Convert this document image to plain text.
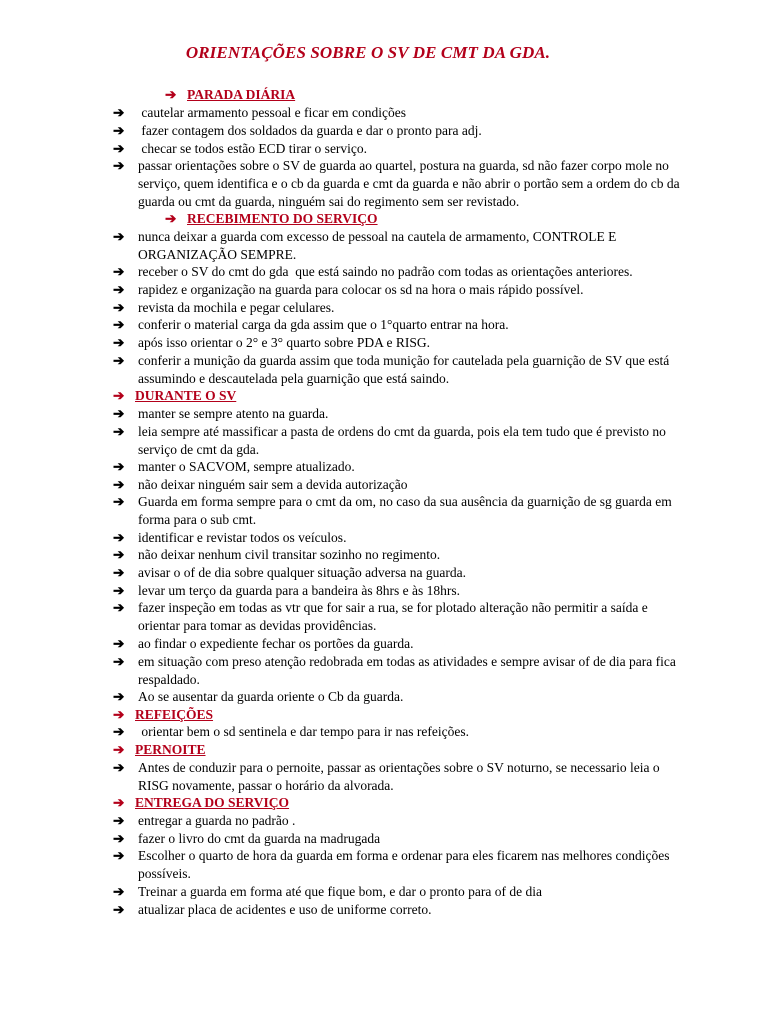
ORIENTAÇÕES SOBRE O SV DE CMT DA GDA.
➔ PARADA DIÁRIA
➔	cautelar armamento pessoal e ficar em condições
➔	fazer contagem dos soldados da guarda e dar o pronto para adj.
➔	checar se todos estão ECD tirar o serviço.
➔	passar orientações sobre o SV de guarda ao quartel, postura na guarda, sd não fazer corpo mole no serviço, quem identifica e o cb da guarda e cmt da guarda e não abrir o portão sem a ordem do cb da guarda ou cmt da guarda, ninguém sai do regimento sem ser revistado.
➔ RECEBIMENTO DO SERVIÇO
➔	nunca deixar a guarda com excesso de pessoal na cautela de armamento, CONTROLE E ORGANIZAÇÃO SEMPRE.
➔	receber o SV do cmt do gda  que está saindo no padrão com todas as orientações anteriores.
➔	rapidez e organização na guarda para colocar os sd na hora o mais rápido possível.
➔	revista da mochila e pegar celulares.
➔	conferir o material carga da gda assim que o 1°quarto entrar na hora.
➔	após isso orientar o 2° e 3° quarto sobre PDA e RISG.
➔	conferir a munição da guarda assim que toda munição for cautelada pela guarnição de SV que está assumindo e descautelada pela guarnição que está saindo.
➔ DURANTE O SV
➔	manter se sempre atento na guarda.
➔	leia sempre até massificar a pasta de ordens do cmt da guarda, pois ela tem tudo que é previsto no serviço de cmt da gda.
➔	manter o SACVOM, sempre atualizado.
➔	não deixar ninguém sair sem a devida autorização
➔	Guarda em forma sempre para o cmt da om, no caso da sua ausência da guarnição de sg guarda em forma para o sub cmt.
➔	identificar e revistar todos os veículos.
➔	não deixar nenhum civil transitar sozinho no regimento.
➔	avisar o of de dia sobre qualquer situação adversa na guarda.
➔	levar um terço da guarda para a bandeira às 8hrs e às 18hrs.
➔	fazer inspeção em todas as vtr que for sair a rua, se for plotado alteração não permitir a saída e orientar para tomar as devidas providências.
➔	ao findar o expediente fechar os portões da guarda.
➔	em situação com preso atenção redobrada em todas as atividades e sempre avisar of de dia para fica respaldado.
➔	Ao se ausentar da guarda oriente o Cb da guarda.
➔ REFEIÇÕES
➔	orientar bem o sd sentinela e dar tempo para ir nas refeições.
➔ PERNOITE
➔	Antes de conduzir para o pernoite, passar as orientações sobre o SV noturno, se necessario leia o RISG novamente, passar o horário da alvorada.
➔ ENTREGA DO SERVIÇO
➔	entregar a guarda no padrão .
➔	fazer o livro do cmt da guarda na madrugada
➔	Escolher o quarto de hora da guarda em forma e ordenar para eles ficarem nas melhores condições possíveis.
➔	Treinar a guarda em forma até que fique bom, e dar o pronto para of de dia
➔	atualizar placa de acidentes e uso de uniforme correto.
